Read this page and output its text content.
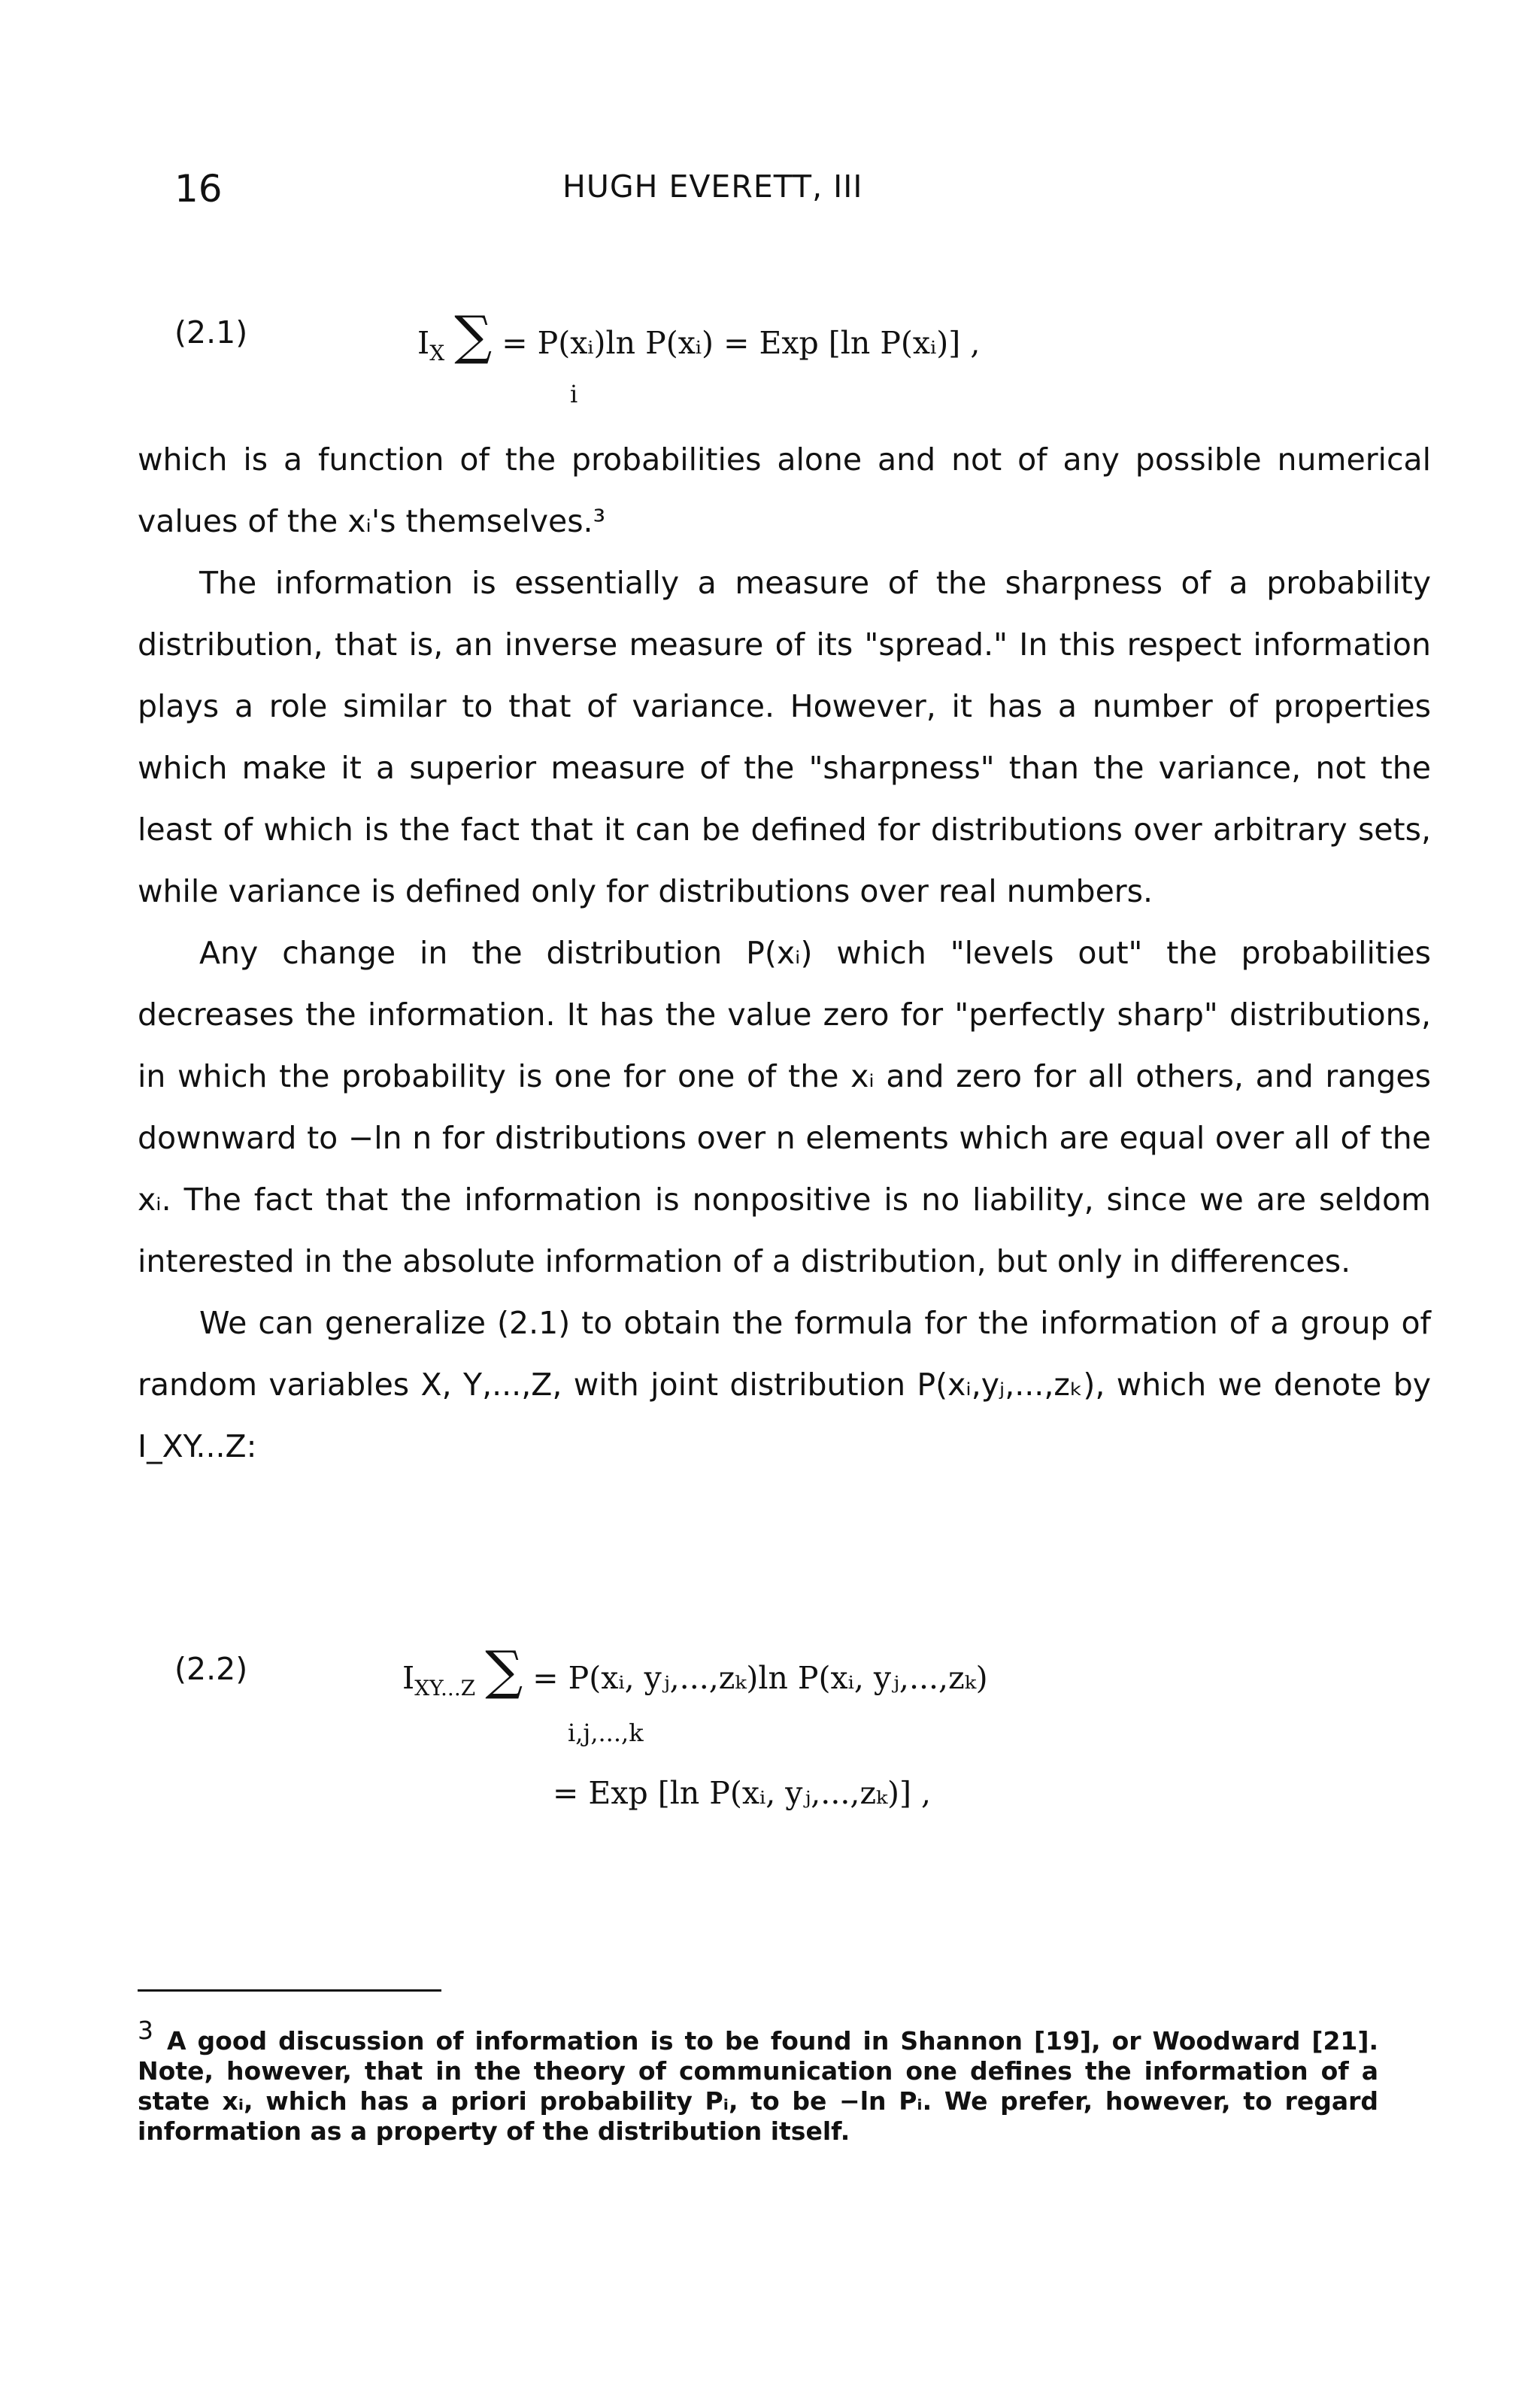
16	HUGH EVERETT, III
(2.1)	$I_X$ ∑ = P(xᵢ)ln P(xᵢ) = Exp [ln P(xᵢ)] ,
i

which is a function of the probabilities alone and not of any possible numerical values of the xᵢ's themselves.³

The information is essentially a measure of the sharpness of a probability distribution, that is, an inverse measure of its "spread." In this respect information plays a role similar to that of variance. However, it has a number of properties which make it a superior measure of the "sharpness" than the variance, not the least of which is the fact that it can be defined for distributions over arbitrary sets, while variance is defined only for distributions over real numbers.

Any change in the distribution P(xᵢ) which "levels out" the probabilities decreases the information. It has the value zero for "perfectly sharp" distributions, in which the probability is one for one of the xᵢ and zero for all others, and ranges downward to −ln n for distributions over n elements which are equal over all of the xᵢ. The fact that the information is nonpositive is no liability, since we are seldom interested in the absolute information of a distribution, but only in differences.

We can generalize (2.1) to obtain the formula for the information of a group of random variables X, Y,...,Z, with joint distribution P(xᵢ,yⱼ,...,zₖ), which we denote by I_XY...Z:

(2.2)	$I_{XY...Z}$ ∑ = P(xᵢ, yⱼ,...,zₖ)ln P(xᵢ, yⱼ,...,zₖ)
i,j,...,k
= Exp [ln P(xᵢ, yⱼ,...,zₖ)] ,
$^3$ A good discussion of information is to be found in Shannon [19], or Woodward [21]. Note, however, that in the theory of communication one defines the information of a state xᵢ, which has a priori probability Pᵢ, to be −ln Pᵢ. We prefer, however, to regard information as a property of the distribution itself.
